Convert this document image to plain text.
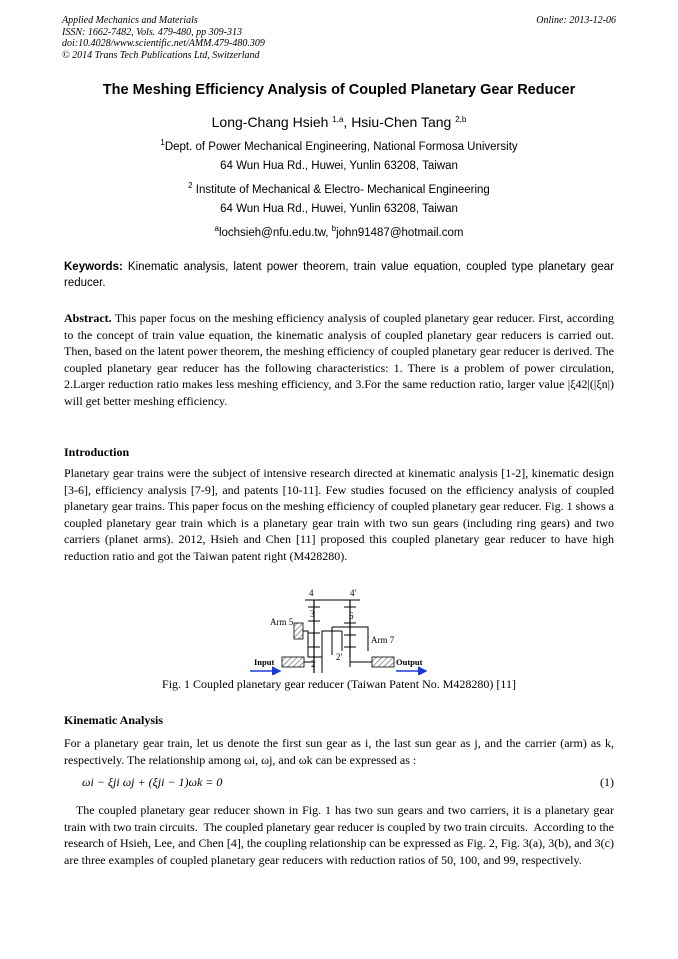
Applied Mechanics and Materials
ISSN: 1662-7482, Vols. 479-480, pp 309-313
doi:10.4028/www.scientific.net/AMM.479-480.309
© 2014 Trans Tech Publications Ltd, Switzerland
Online: 2013-12-06
The Meshing Efficiency Analysis of Coupled Planetary Gear Reducer
Long-Chang Hsieh $^{1,a}$, Hsiu-Chen Tang $^{2,b}$
$^1$Dept. of Power Mechanical Engineering, National Formosa University
64 Wun Hua Rd., Huwei, Yunlin 63208, Taiwan
$^2$ Institute of Mechanical & Electro- Mechanical Engineering
64 Wun Hua Rd., Huwei, Yunlin 63208, Taiwan
$^a$lochsieh@nfu.edu.tw, $^b$john91487@hotmail.com
Keywords: Kinematic analysis, latent power theorem, train value equation, coupled type planetary gear reducer.
Abstract. This paper focus on the meshing efficiency analysis of coupled planetary gear reducer. First, according to the concept of train value equation, the kinematic analysis of coupled planetary gear reducers is carried out. Then, based on the latent power theorem, the meshing efficiency of coupled planetary gear reducer is derived. The coupled planetary gear reducer has the following characteristics: 1. There is a problem of power circulation, 2.Larger reduction ratio makes less meshing efficiency, and 3.For the same reduction ratio, larger value |ξ42|(|ξn|) will get better meshing efficiency.
Introduction
Planetary gear trains were the subject of intensive research directed at kinematic analysis [1-2], kinematic design [3-6], efficiency analysis [7-9], and patents [10-11]. Few studies focused on the efficiency analysis of coupled planetary gear trains. This paper focus on the meshing efficiency of coupled planetary gear reducer. Fig. 1 shows a coupled planetary gear train which is a planetary gear train with two sun gears (including ring gears) and two carriers (planet arms). 2012, Hsieh and Chen [11] proposed this coupled planetary gear reducer to have high reduction ratio and got the Taiwan patent right (M428280).
4	4'
3	6
Arm 5
Arm 7
2
2'
Input	Output
Fig. 1 Coupled planetary gear reducer (Taiwan Patent No. M428280) [11]
Kinematic Analysis
For a planetary gear train, let us denote the first sun gear as i, the last sun gear as j, and the carrier (arm) as k, respectively. The relationship among ωi, ωj, and ωk can be expressed as :
ωi − ξji ωj + (ξji − 1)ωk = 0	(1)
The coupled planetary gear reducer shown in Fig. 1 has two sun gears and two carriers, it is a planetary gear train with two train circuits.  The coupled planetary gear reducer is coupled by two train circuits.  According to the research of Hsieh, Lee, and Chen [4], the coupling relationship can be expressed as Fig. 2, Fig. 3(a), 3(b), and 3(c) are three examples of coupled planetary gear reducers with reduction ratios of 50, 100, and 99, respectively.
